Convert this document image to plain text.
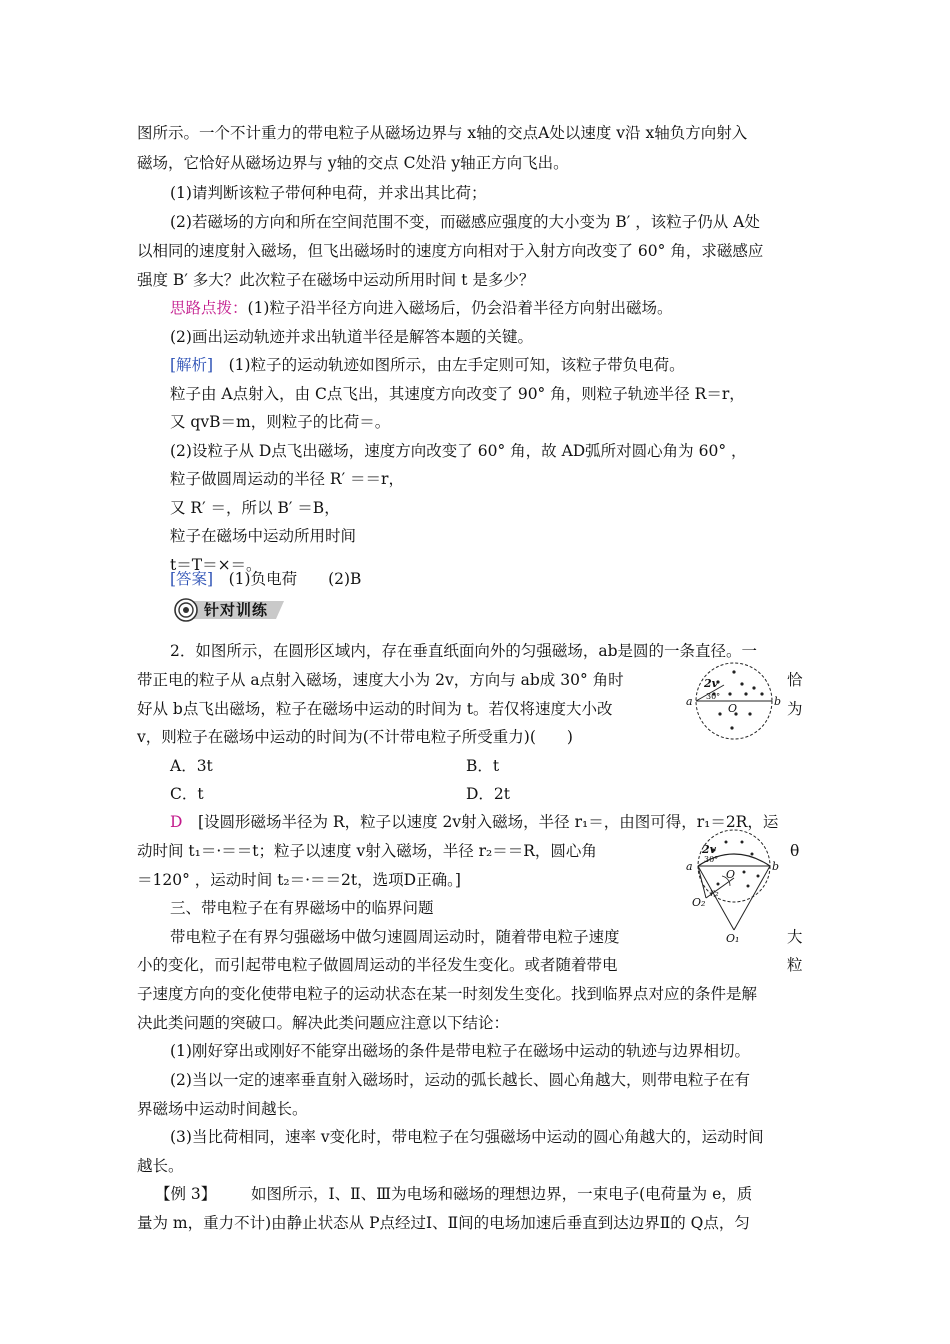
图所示。一个不计重力的带电粒子从磁场边界与 x轴的交点A处以速度 v沿 x轴负方向射入
磁场，它恰好从磁场边界与 y轴的交点 C处沿 y轴正方向飞出。
(1)请判断该粒子带何种电荷，并求出其比荷；
(2)若磁场的方向和所在空间范围不变，而磁感应强度的大小变为 B′ ，该粒子仍从 A处
以相同的速度射入磁场，但飞出磁场时的速度方向相对于入射方向改变了 60° 角，求磁感应
强度 B′ 多大？此次粒子在磁场中运动所用时间 t 是多少？
(2)画出运动轨迹并求出轨道半径是解答本题的关键。
粒子由 A点射入，由 C点飞出，其速度方向改变了 90° 角，则粒子轨迹半径 R＝r，
又 qvB＝m，则粒子的比荷＝。
(2)设粒子从 D点飞出磁场，速度方向改变了 60° 角，故 AD弧所对圆心角为 60° ，
粒子做圆周运动的半径 R′ ＝＝r，
又 R′ ＝，所以 B′ ＝B，
粒子在磁场中运动所用时间
t＝T＝×＝。
2．如图所示，在圆形区域内，存在垂直纸面向外的匀强磁场，ab是圆的一条直径。一
带正电的粒子从 a点射入磁场，速度大小为 2v，方向与 ab成 30° 角时	恰
好从 b点飞出磁场，粒子在磁场中运动的时间为 t。若仅将速度大小改	为
v，则粒子在磁场中运动的时间为(不计带电粒子所受重力)(　　)
A．3t	B．t
C．t	D．2t
动时间 t₁＝·＝＝t；粒子以速度 v射入磁场，半径 r₂＝＝R，圆心角	θ
＝120° ，运动时间 t₂＝·＝＝2t，选项D正确。]
三、带电粒子在有界磁场中的临界问题
带电粒子在有界匀强磁场中做匀速圆周运动时，随着带电粒子速度	大
小的变化，而引起带电粒子做圆周运动的半径发生变化。或者随着带电	粒
子速度方向的变化使带电粒子的运动状态在某一时刻发生变化。找到临界点对应的条件是解
决此类问题的突破口。解决此类问题应注意以下结论：
(1)刚好穿出或刚好不能穿出磁场的条件是带电粒子在磁场中运动的轨迹与边界相切。
(2)当以一定的速率垂直射入磁场时，运动的弧长越长、圆心角越大，则带电粒子在有
界磁场中运动时间越长。
(3)当比荷相同，速率 v变化时，带电粒子在匀强磁场中运动的圆心角越大的，运动时间
越长。
如图所示，Ⅰ、Ⅱ、Ⅲ为电场和磁场的理想边界，一束电子(电荷量为 e，质
量为 m，重力不计)由静止状态从 P点经过Ⅰ、Ⅱ间的电场加速后垂直到达边界Ⅱ的 Q点，匀
思路点拨：(1)粒子沿半径方向进入磁场后，仍会沿着半径方向射出磁场。
[解析]　 (1)粒子的运动轨迹如图所示，由左手定则可知，该粒子带负电荷。
[答案]　 (1)负电荷　　(2)B
针对训练
D　 [设圆形磁场半径为 R，粒子以速度 2v射入磁场，半径 r₁＝，由图可得，r₁＝2R，运
【例 3】
2v
30°
a	b
O
2v
30°
a	b
O
r₂
O₂
O₁
